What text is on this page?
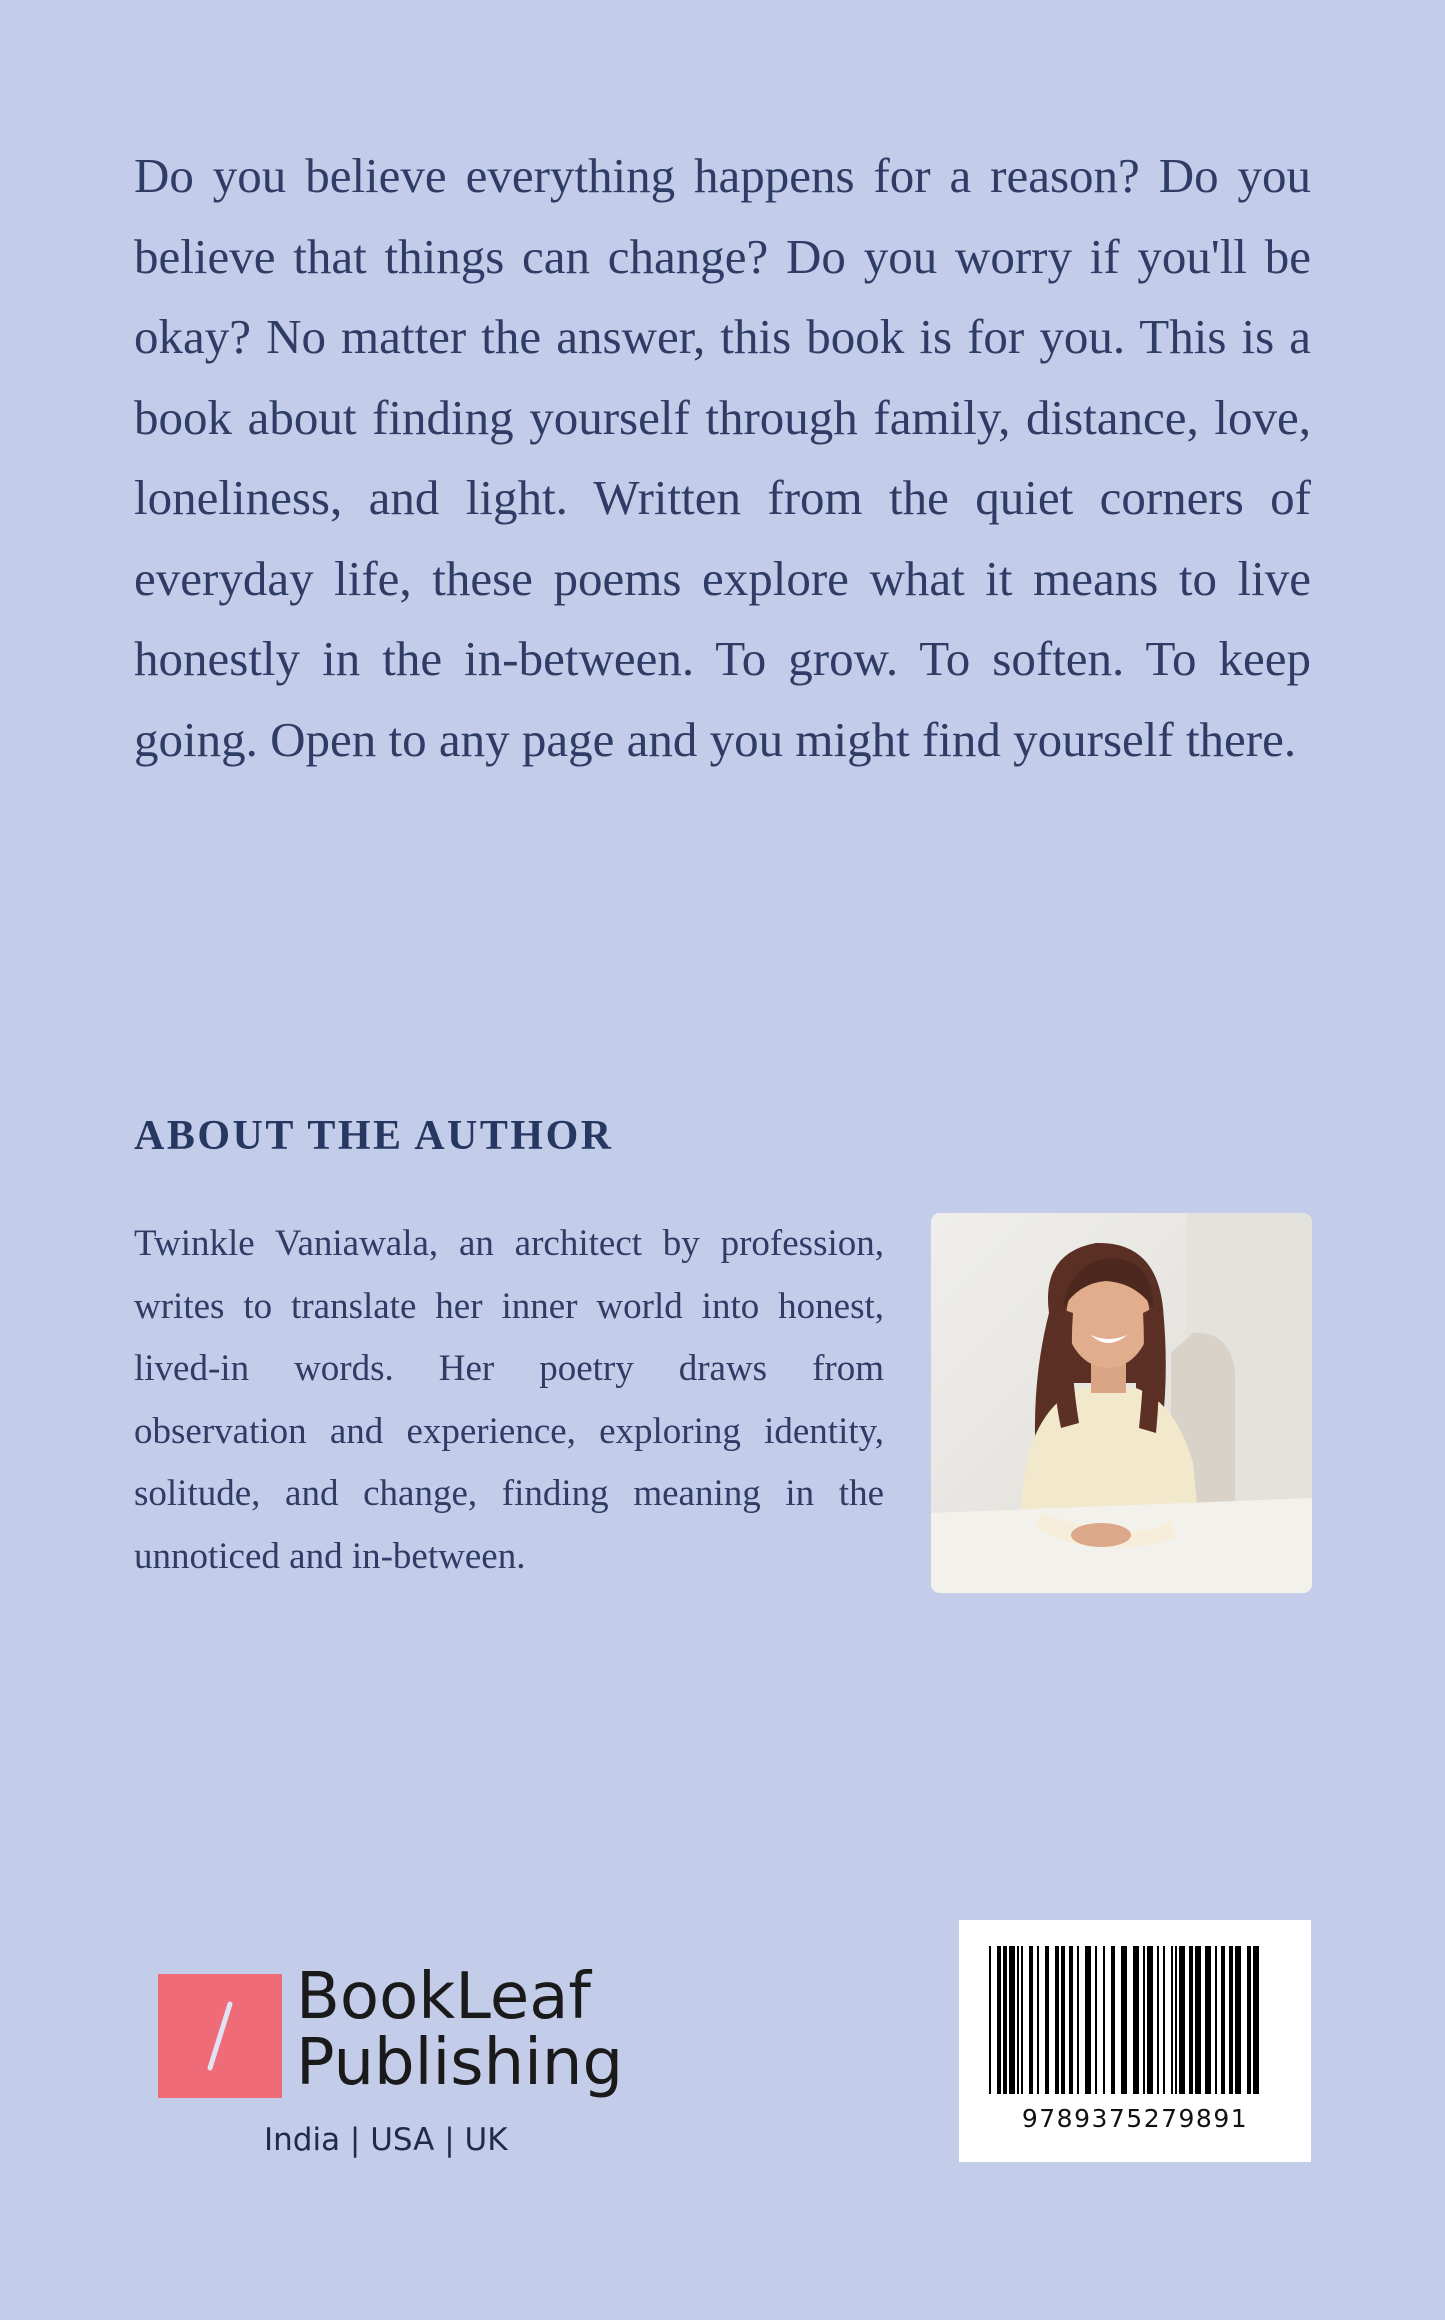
Do you believe everything happens for a reason? Do you believe that things can change? Do you worry if you'll be okay? No matter the answer, this book is for you. This is a book about finding yourself through family, distance, love, loneliness, and light. Written from the quiet corners of everyday life, these poems explore what it means to live honestly in the in-between. To grow. To soften. To keep going. Open to any page and you might find yourself there.

ABOUT THE AUTHOR

Twinkle Vaniawala, an architect by profession, writes to translate her inner world into honest, lived-in words. Her poetry draws from observation and experience, exploring identity, solitude, and change, finding meaning in the unnoticed and in-between.

BookLeaf
Publishing

India | USA | UK

9789375279891
